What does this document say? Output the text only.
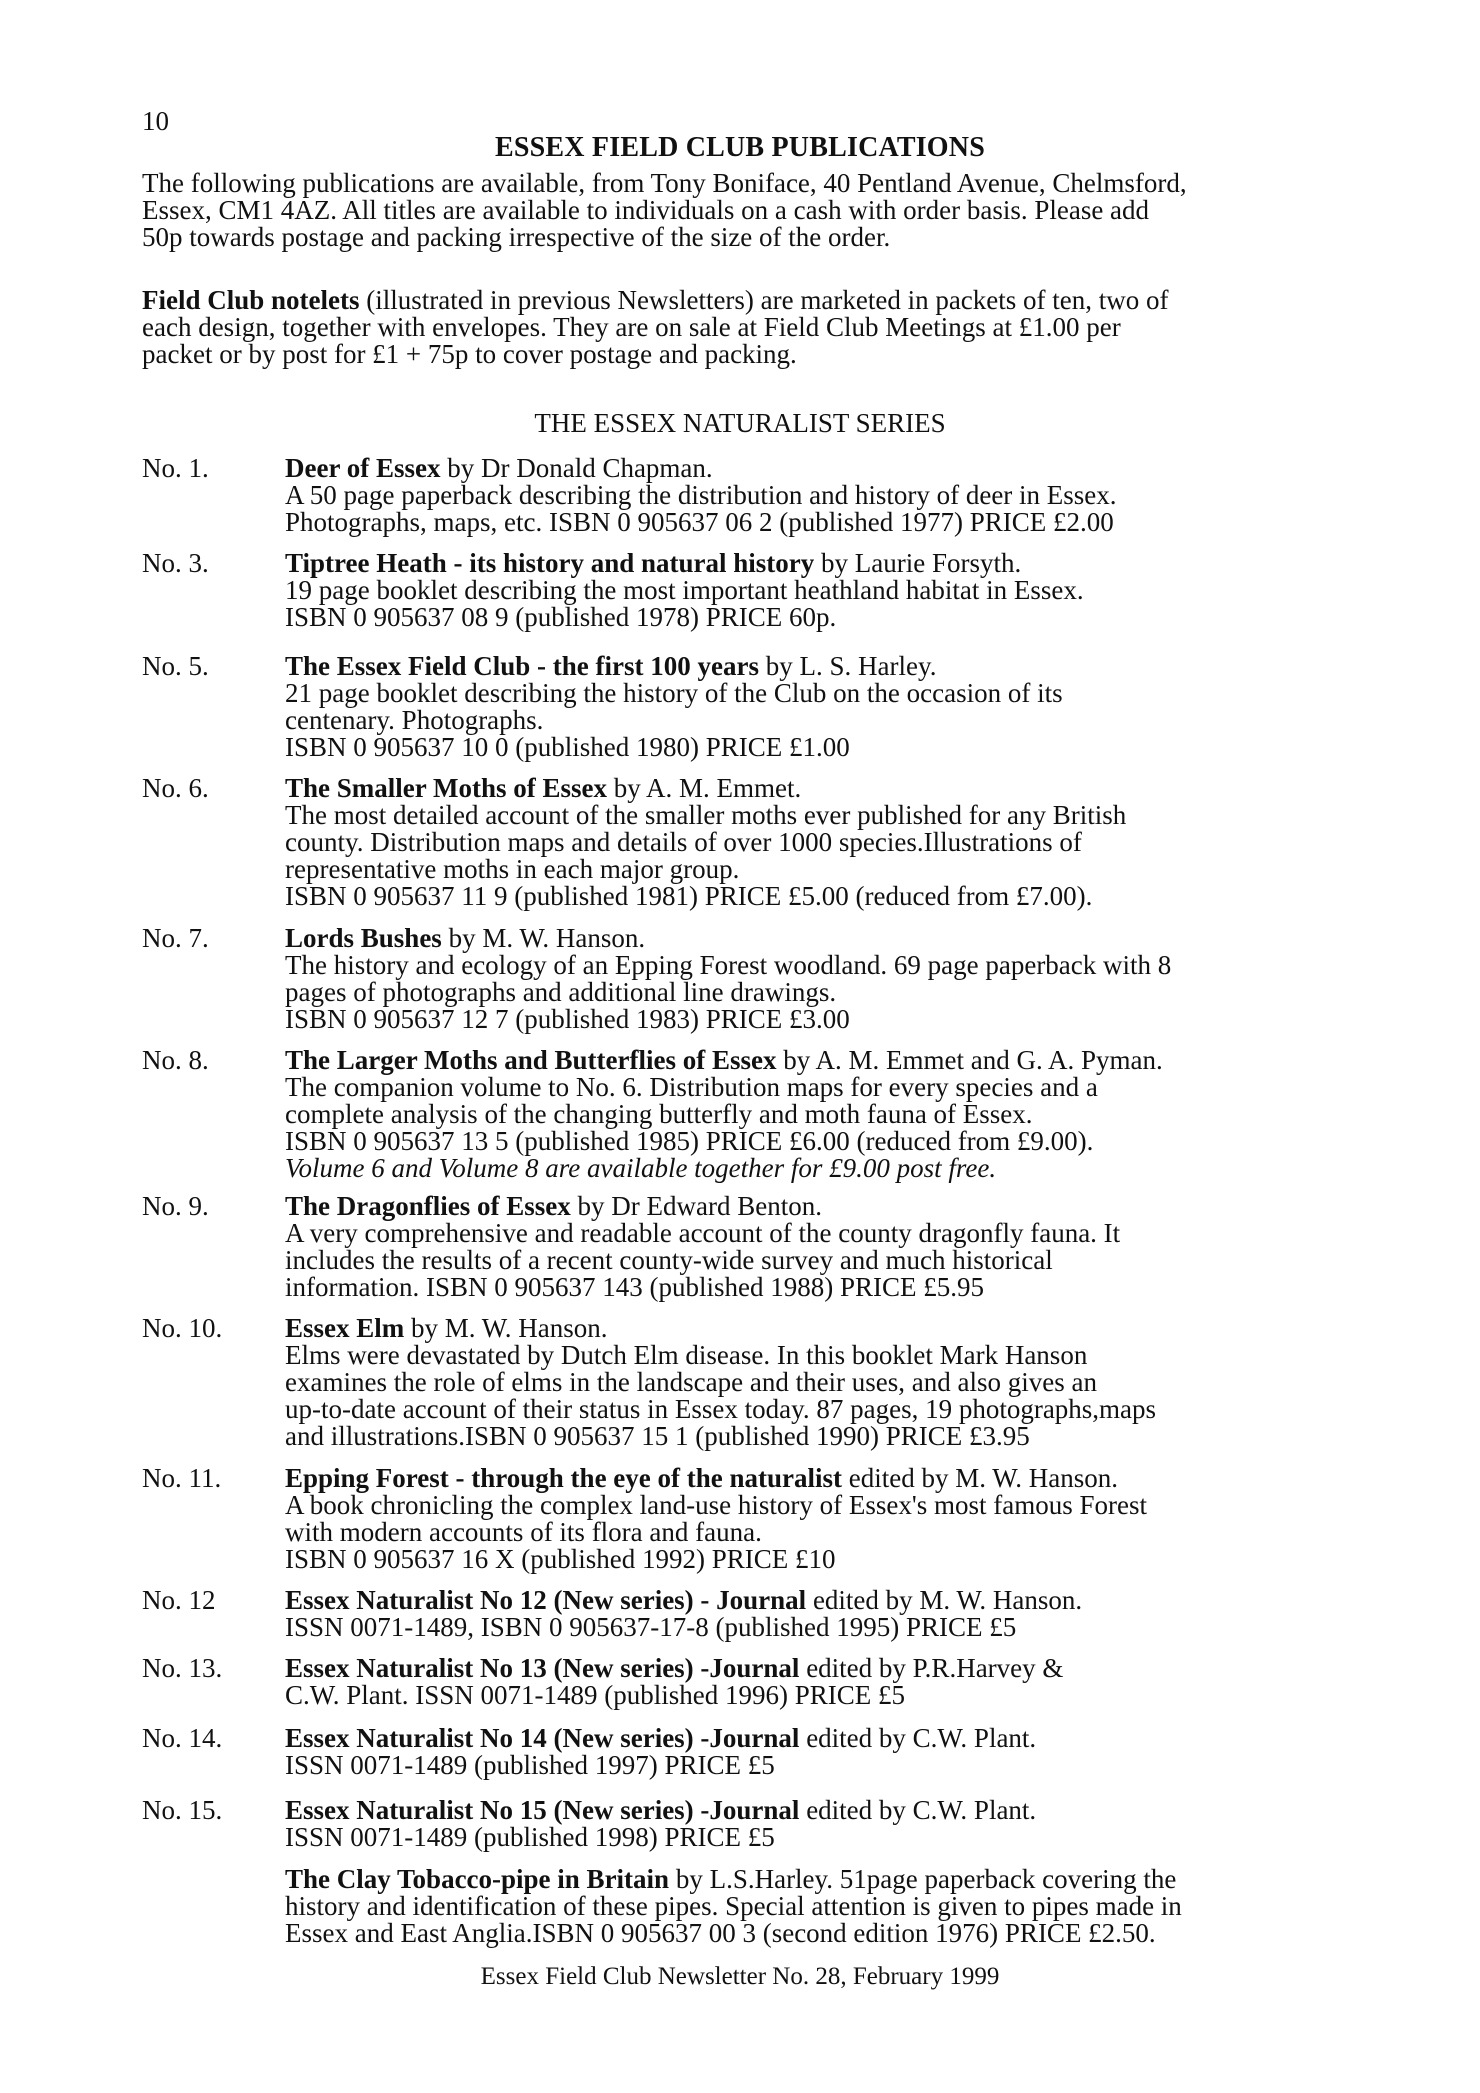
10
ESSEX FIELD CLUB PUBLICATIONS
The following publications are available, from Tony Boniface, 40 Pentland Avenue, Chelmsford,
Essex, CM1 4AZ. All titles are available to individuals on a cash with order basis. Please add
50p towards postage and packing irrespective of the size of the order.
Field Club notelets (illustrated in previous Newsletters) are marketed in packets of ten, two of
each design, together with envelopes. They are on sale at Field Club Meetings at £1.00 per
packet or by post for £1 + 75p to cover postage and packing.
THE ESSEX NATURALIST SERIES
No. 1.	Deer of Essex by Dr Donald Chapman.
A 50 page paperback describing the distribution and history of deer in Essex.
Photographs, maps, etc. ISBN 0 905637 06 2 (published 1977) PRICE £2.00
No. 3.	Tiptree Heath - its history and natural history by Laurie Forsyth.
19 page booklet describing the most important heathland habitat in Essex.
ISBN 0 905637 08 9 (published 1978) PRICE 60p.
No. 5.	The Essex Field Club - the first 100 years by L. S. Harley.
21 page booklet describing the history of the Club on the occasion of its
centenary. Photographs.
ISBN 0 905637 10 0 (published 1980) PRICE £1.00
No. 6.	The Smaller Moths of Essex by A. M. Emmet.
The most detailed account of the smaller moths ever published for any British
county. Distribution maps and details of over 1000 species.Illustrations of
representative moths in each major group.
ISBN 0 905637 11 9 (published 1981) PRICE £5.00 (reduced from £7.00).
No. 7.	Lords Bushes by M. W. Hanson.
The history and ecology of an Epping Forest woodland. 69 page paperback with 8
pages of photographs and additional line drawings.
ISBN 0 905637 12 7 (published 1983) PRICE £3.00
No. 8.	The Larger Moths and Butterflies of Essex by A. M. Emmet and G. A. Pyman.
The companion volume to No. 6. Distribution maps for every species and a
complete analysis of the changing butterfly and moth fauna of Essex.
ISBN 0 905637 13 5 (published 1985) PRICE £6.00 (reduced from £9.00).
Volume 6 and Volume 8 are available together for £9.00 post free.
No. 9.	The Dragonflies of Essex by Dr Edward Benton.
A very comprehensive and readable account of the county dragonfly fauna. It
includes the results of a recent county-wide survey and much historical
information. ISBN 0 905637 143 (published 1988) PRICE £5.95
No. 10.	Essex Elm by M. W. Hanson.
Elms were devastated by Dutch Elm disease. In this booklet Mark Hanson
examines the role of elms in the landscape and their uses, and also gives an
up-to-date account of their status in Essex today. 87 pages, 19 photographs,maps
and illustrations.ISBN 0 905637 15 1 (published 1990) PRICE £3.95
No. 11.	Epping Forest - through the eye of the naturalist edited by M. W. Hanson.
A book chronicling the complex land-use history of Essex's most famous Forest
with modern accounts of its flora and fauna.
ISBN 0 905637 16 X (published 1992) PRICE £10
No. 12	Essex Naturalist No 12 (New series) - Journal edited by M. W. Hanson.
ISSN 0071-1489, ISBN 0 905637-17-8 (published 1995) PRICE £5
No. 13.	Essex Naturalist No 13 (New series) -Journal edited by P.R.Harvey &
C.W. Plant. ISSN 0071-1489 (published 1996) PRICE £5
No. 14.	Essex Naturalist No 14 (New series) -Journal edited by C.W. Plant.
ISSN 0071-1489 (published 1997) PRICE £5
No. 15.	Essex Naturalist No 15 (New series) -Journal edited by C.W. Plant.
ISSN 0071-1489 (published 1998) PRICE £5
The Clay Tobacco-pipe in Britain by L.S.Harley. 51page paperback covering the
history and identification of these pipes. Special attention is given to pipes made in
Essex and East Anglia.ISBN 0 905637 00 3 (second edition 1976) PRICE £2.50.
Essex Field Club Newsletter No. 28, February 1999
